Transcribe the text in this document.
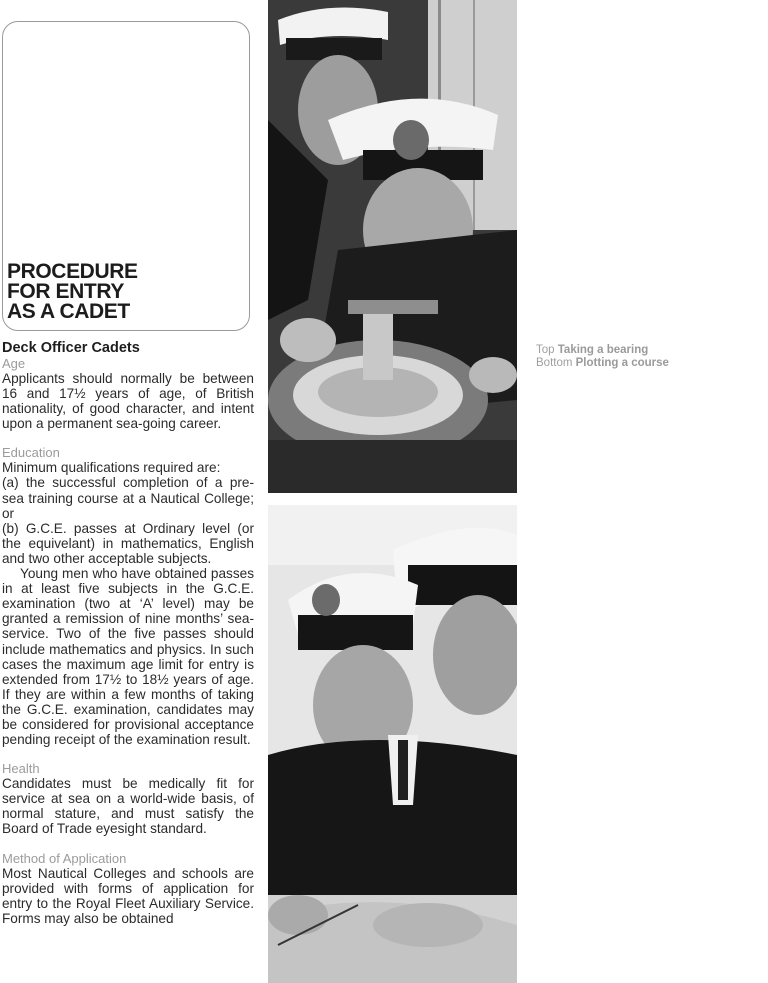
PROCEDURE
FOR ENTRY
AS A CADET
Deck Officer Cadets
Age

Applicants should normally be between 16 and 17½ years of age, of British nationality, of good character, and intent upon a permanent sea-going career.

Education

Minimum qualifications required are:

(a) the successful completion of a pre-sea training course at a Nautical College; or

(b) G.C.E. passes at Ordinary level (or the equivelant) in mathematics, English and two other acceptable subjects.

Young men who have obtained passes in at least five subjects in the G.C.E. examination (two at ‘A’ level) may be granted a remission of nine months’ sea-service. Two of the five passes should include mathematics and physics. In such cases the maximum age limit for entry is extended from 17½ to 18½ years of age. If they are within a few months of taking the G.C.E. examination, candidates may be considered for provisional acceptance pending receipt of the examination result.

Health

Candidates must be medically fit for service at sea on a world-wide basis, of normal stature, and must satisfy the Board of Trade eyesight standard.

Method of Application

Most Nautical Colleges and schools are provided with forms of application for entry to the Royal Fleet Auxiliary Service. Forms may also be obtained

Top Taking a bearing
Bottom Plotting a course
